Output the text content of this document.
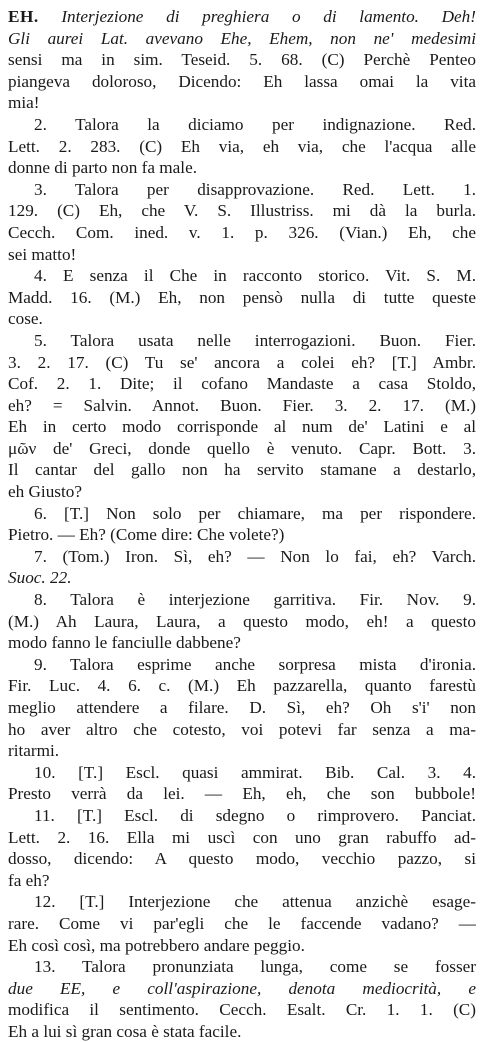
EH. Interjezione di preghiera o di lamento. Deh!
Gli aurei Lat. avevano Ehe, Ehem, non ne' medesimi
sensi ma in sim. Teseid. 5. 68. (C) Perchè Penteo
piangeva doloroso, Dicendo: Eh lassa omai la vita
mia!
2. Talora la diciamo per indignazione. Red.
Lett. 2. 283. (C) Eh via, eh via, che l'acqua alle
donne di parto non fa male.
3. Talora per disapprovazione. Red. Lett. 1.
129. (C) Eh, che V. S. Illustriss. mi dà la burla.
Cecch. Com. ined. v. 1. p. 326. (Vian.) Eh, che
sei matto!
4. E senza il Che in racconto storico. Vit. S. M.
Madd. 16. (M.) Eh, non pensò nulla di tutte queste
cose.
5. Talora usata nelle interrogazioni. Buon. Fier.
3. 2. 17. (C) Tu se' ancora a colei eh? [T.] Ambr.
Cof. 2. 1. Dite; il cofano Mandaste a casa Stoldo,
eh? = Salvin. Annot. Buon. Fier. 3. 2. 17. (M.)
Eh in certo modo corrisponde al num de' Latini e al
μῶν de' Greci, donde quello è venuto. Capr. Bott. 3.
Il cantar del gallo non ha servito stamane a destarlo,
eh Giusto?
6. [T.] Non solo per chiamare, ma per rispondere.
Pietro. — Eh? (Come dire: Che volete?)
7. (Tom.) Iron. Sì, eh? — Non lo fai, eh? Varch.
Suoc. 22.
8. Talora è interjezione garritiva. Fir. Nov. 9.
(M.) Ah Laura, Laura, a questo modo, eh! a questo
modo fanno le fanciulle dabbene?
9. Talora esprime anche sorpresa mista d'ironia.
Fir. Luc. 4. 6. c. (M.) Eh pazzarella, quanto farestù
meglio attendere a filare. D. Sì, eh? Oh s'i' non
ho aver altro che cotesto, voi potevi far senza a ma-
ritarmi.
10. [T.] Escl. quasi ammirat. Bib. Cal. 3. 4.
Presto verrà da lei. — Eh, eh, che son bubbole!
11. [T.] Escl. di sdegno o rimprovero. Panciat.
Lett. 2. 16. Ella mi uscì con uno gran rabuffo ad-
dosso, dicendo: A questo modo, vecchio pazzo, si
fa eh?
12. [T.] Interjezione che attenua anzichè esage-
rare. Come vi par'egli che le faccende vadano? —
Eh così così, ma potrebbero andare peggio.
13. Talora pronunziata lunga, come se fosser
due EE, e coll'aspirazione, denota mediocrità, e
modifica il sentimento. Cecch. Esalt. Cr. 1. 1. (C)
Eh a lui sì gran cosa è stata facile.
